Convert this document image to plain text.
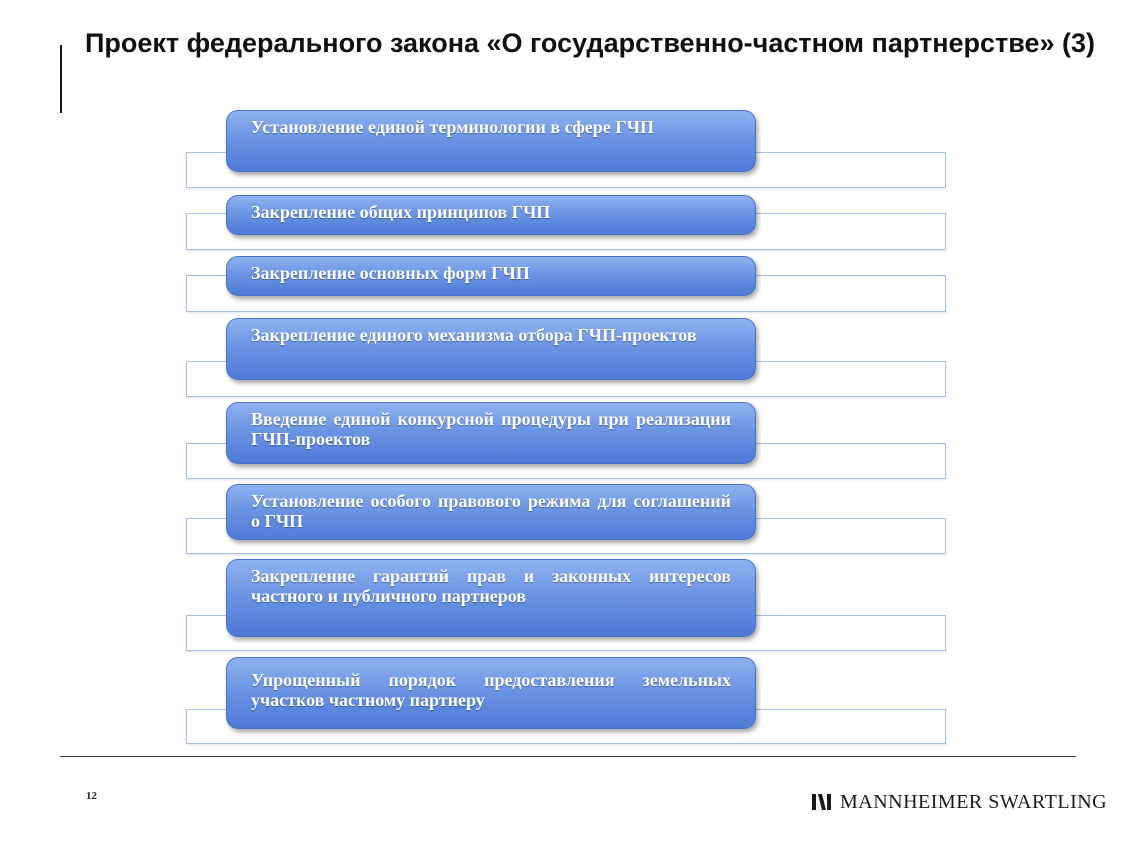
Проект федерального закона «О государственно-частном партнерстве» (3)
Установление единой терминологии в сфере ГЧП
Закрепление общих принципов ГЧП
Закрепление основных форм ГЧП
Закрепление единого механизма отбора ГЧП-проектов
Введение единой конкурсной процедуры при реализации ГЧП-проектов
Установление особого правового режима для соглашений о ГЧП
Закрепление гарантий прав и законных интересов частного и публичного партнеров
Упрощенный порядок предоставления земельных участков частному партнеру
12	MANNHEIMER SWARTLING
